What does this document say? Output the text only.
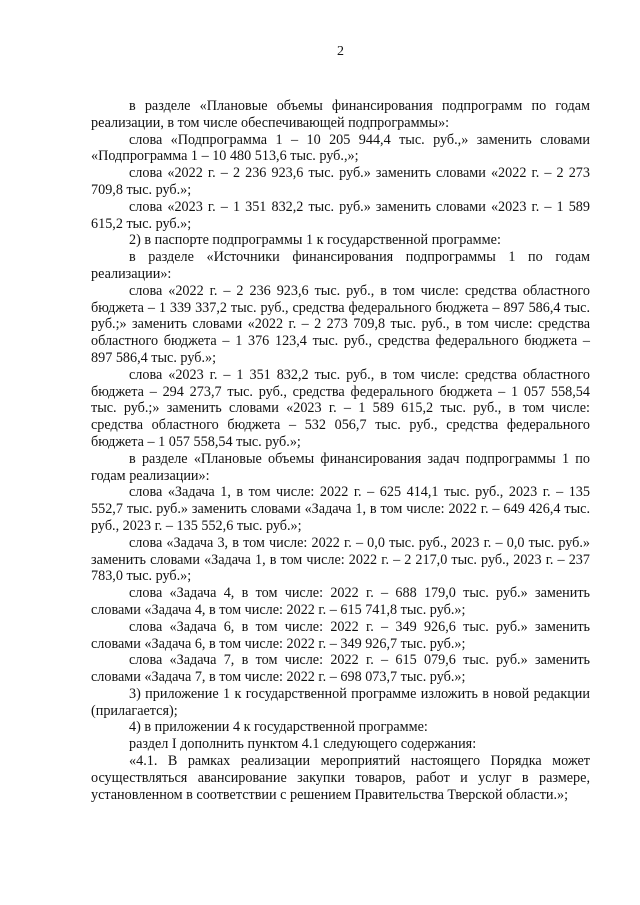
2

в разделе «Плановые объемы финансирования подпрограмм по годам реализации, в том числе обеспечивающей подпрограммы»:

слова «Подпрограмма 1 – 10 205 944,4 тыс. руб.,» заменить словами «Подпрограмма 1 – 10 480 513,6 тыс. руб.,»;

слова «2022 г. – 2 236 923,6 тыс. руб.» заменить словами «2022 г. – 2 273 709,8 тыс. руб.»;

слова «2023 г. – 1 351 832,2 тыс. руб.» заменить словами «2023 г. – 1 589 615,2 тыс. руб.»;

2) в паспорте подпрограммы 1 к государственной программе:

в разделе «Источники финансирования подпрограммы 1 по годам реализации»:

слова «2022 г. – 2 236 923,6 тыс. руб., в том числе: средства областного бюджета – 1 339 337,2 тыс. руб., средства федерального бюджета – 897 586,4 тыс. руб.;» заменить словами «2022 г. – 2 273 709,8 тыс. руб., в том числе: средства областного бюджета – 1 376 123,4 тыс. руб., средства федерального бюджета – 897 586,4 тыс. руб.»;

слова «2023 г. – 1 351 832,2 тыс. руб., в том числе: средства областного бюджета – 294 273,7 тыс. руб., средства федерального бюджета – 1 057 558,54 тыс. руб.;» заменить словами «2023 г. – 1 589 615,2 тыс. руб., в том числе: средства областного бюджета – 532 056,7 тыс. руб., средства федерального бюджета – 1 057 558,54 тыс. руб.»;

в разделе «Плановые объемы финансирования задач подпрограммы 1 по годам реализации»:

слова «Задача 1, в том числе: 2022 г. – 625 414,1 тыс. руб., 2023 г. – 135 552,7 тыс. руб.» заменить словами «Задача 1, в том числе: 2022 г. – 649 426,4 тыс. руб., 2023 г. – 135 552,6 тыс. руб.»;

слова «Задача 3, в том числе: 2022 г. – 0,0 тыс. руб., 2023 г. – 0,0 тыс. руб.» заменить словами «Задача 1, в том числе: 2022 г. – 2 217,0 тыс. руб., 2023 г. – 237 783,0 тыс. руб.»;

слова «Задача 4, в том числе: 2022 г. – 688 179,0 тыс. руб.» заменить словами «Задача 4, в том числе: 2022 г. – 615 741,8 тыс. руб.»;

слова «Задача 6, в том числе: 2022 г. – 349 926,6 тыс. руб.» заменить словами «Задача 6, в том числе: 2022 г. – 349 926,7 тыс. руб.»;

слова «Задача 7, в том числе: 2022 г. – 615 079,6 тыс. руб.» заменить словами «Задача 7, в том числе: 2022 г. – 698 073,7 тыс. руб.»;

3) приложение 1 к государственной программе изложить в новой редакции (прилагается);

4) в приложении 4 к государственной программе:

раздел I дополнить пунктом 4.1 следующего содержания:

«4.1. В рамках реализации мероприятий настоящего Порядка может осуществляться авансирование закупки товаров, работ и услуг в размере, установленном в соответствии с решением Правительства Тверской области.»;
